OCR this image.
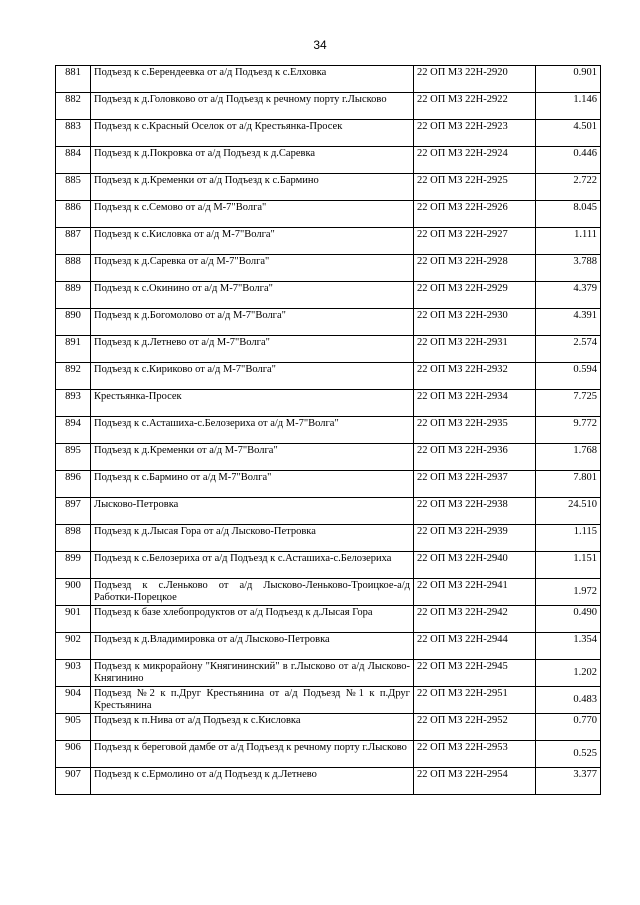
34
881	Подъезд к с.Берендеевка от а/д Подъезд к с.Елховка	22 ОП МЗ 22Н-2920	0.901
882	Подъезд к д.Головково от а/д Подъезд к речному порту г.Лысково	22 ОП МЗ 22Н-2922	1.146
883	Подъезд к с.Красный Оселок от а/д Крестьянка-Просек	22 ОП МЗ 22Н-2923	4.501
884	Подъезд к д.Покровка от а/д Подъезд к д.Саревка	22 ОП МЗ 22Н-2924	0.446
885	Подъезд к д.Кременки от а/д Подъезд к с.Бармино	22 ОП МЗ 22Н-2925	2.722
886	Подъезд к с.Семово от а/д М-7"Волга"	22 ОП МЗ 22Н-2926	8.045
887	Подъезд к с.Кисловка от а/д М-7"Волга"	22 ОП МЗ 22Н-2927	1.111
888	Подъезд к д.Саревка от а/д М-7"Волга"	22 ОП МЗ 22Н-2928	3.788
889	Подъезд к с.Окинино от а/д М-7"Волга"	22 ОП МЗ 22Н-2929	4.379
890	Подъезд к д.Богомолово от а/д М-7"Волга"	22 ОП МЗ 22Н-2930	4.391
891	Подъезд к д.Летнево от а/д М-7"Волга"	22 ОП МЗ 22Н-2931	2.574
892	Подъезд к с.Кириково от а/д М-7"Волга"	22 ОП МЗ 22Н-2932	0.594
893	Крестьянка-Просек	22 ОП МЗ 22Н-2934	7.725
894	Подъезд к с.Асташиха-с.Белозериха от а/д М-7"Волга"	22 ОП МЗ 22Н-2935	9.772
895	Подъезд к д.Кременки от а/д М-7"Волга"	22 ОП МЗ 22Н-2936	1.768
896	Подъезд к с.Бармино от а/д М-7"Волга"	22 ОП МЗ 22Н-2937	7.801
897	Лысково-Петровка	22 ОП МЗ 22Н-2938	24.510
898	Подъезд к д.Лысая Гора от а/д Лысково-Петровка	22 ОП МЗ 22Н-2939	1.115
899	Подъезд к с.Белозериха от а/д Подъезд к с.Асташиха-с.Белозериха	22 ОП МЗ 22Н-2940	1.151
900	Подъезд к с.Леньково от а/д Лысково-Леньково-Троицкое-а/д Работки-Порецкое	22 ОП МЗ 22Н-2941	1.972
901	Подъезд к базе хлебопродуктов от а/д Подъезд к д.Лысая Гора	22 ОП МЗ 22Н-2942	0.490
902	Подъезд к д.Владимировка от а/д Лысково-Петровка	22 ОП МЗ 22Н-2944	1.354
903	Подъезд к микрорайону "Княгининский" в г.Лысково от а/д Лысково-Княгинино	22 ОП МЗ 22Н-2945	1.202
904	Подъезд №2 к п.Друг Крестьянина от а/д Подъезд №1 к п.Друг Крестьянина	22 ОП МЗ 22Н-2951	0.483
905	Подъезд к п.Нива от а/д Подъезд к с.Кисловка	22 ОП МЗ 22Н-2952	0.770
906	Подъезд к береговой дамбе от а/д Подъезд к речному порту г.Лысково	22 ОП МЗ 22Н-2953	0.525
907	Подъезд к с.Ермолино от а/д Подъезд к д.Летнево	22 ОП МЗ 22Н-2954	3.377
